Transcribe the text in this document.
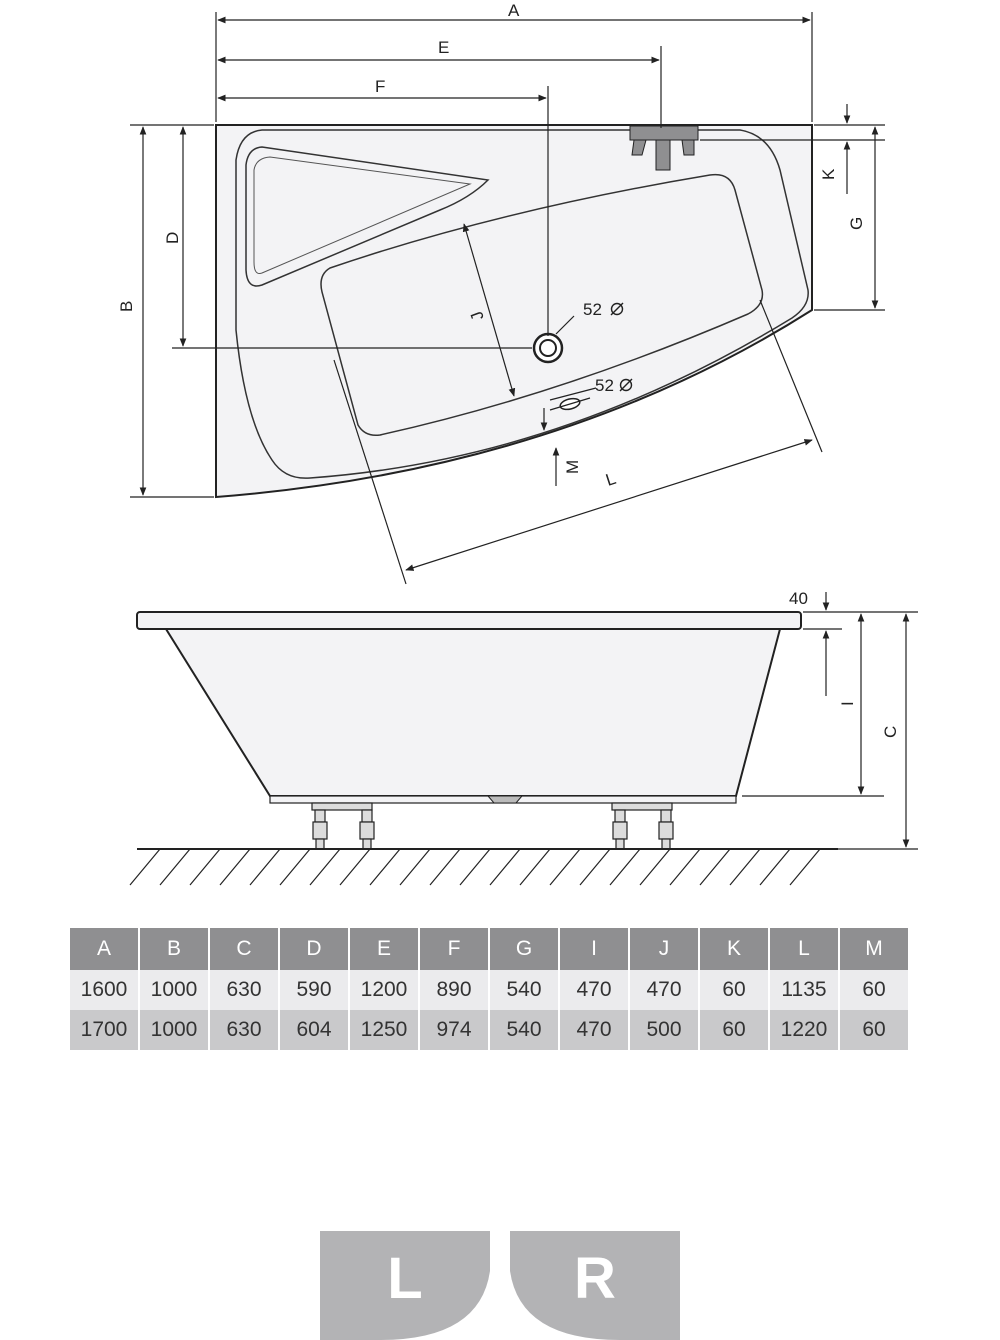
A
E
F
B
D
K
G
J
L
M
52
52
40
I
C
A	B	C	D	E	F	G	I	J	K	L	M
1600	1000	630	590	1200	890	540	470	470	60	1135	60
1700	1000	630	604	1250	974	540	470	500	60	1220	60
L	R
